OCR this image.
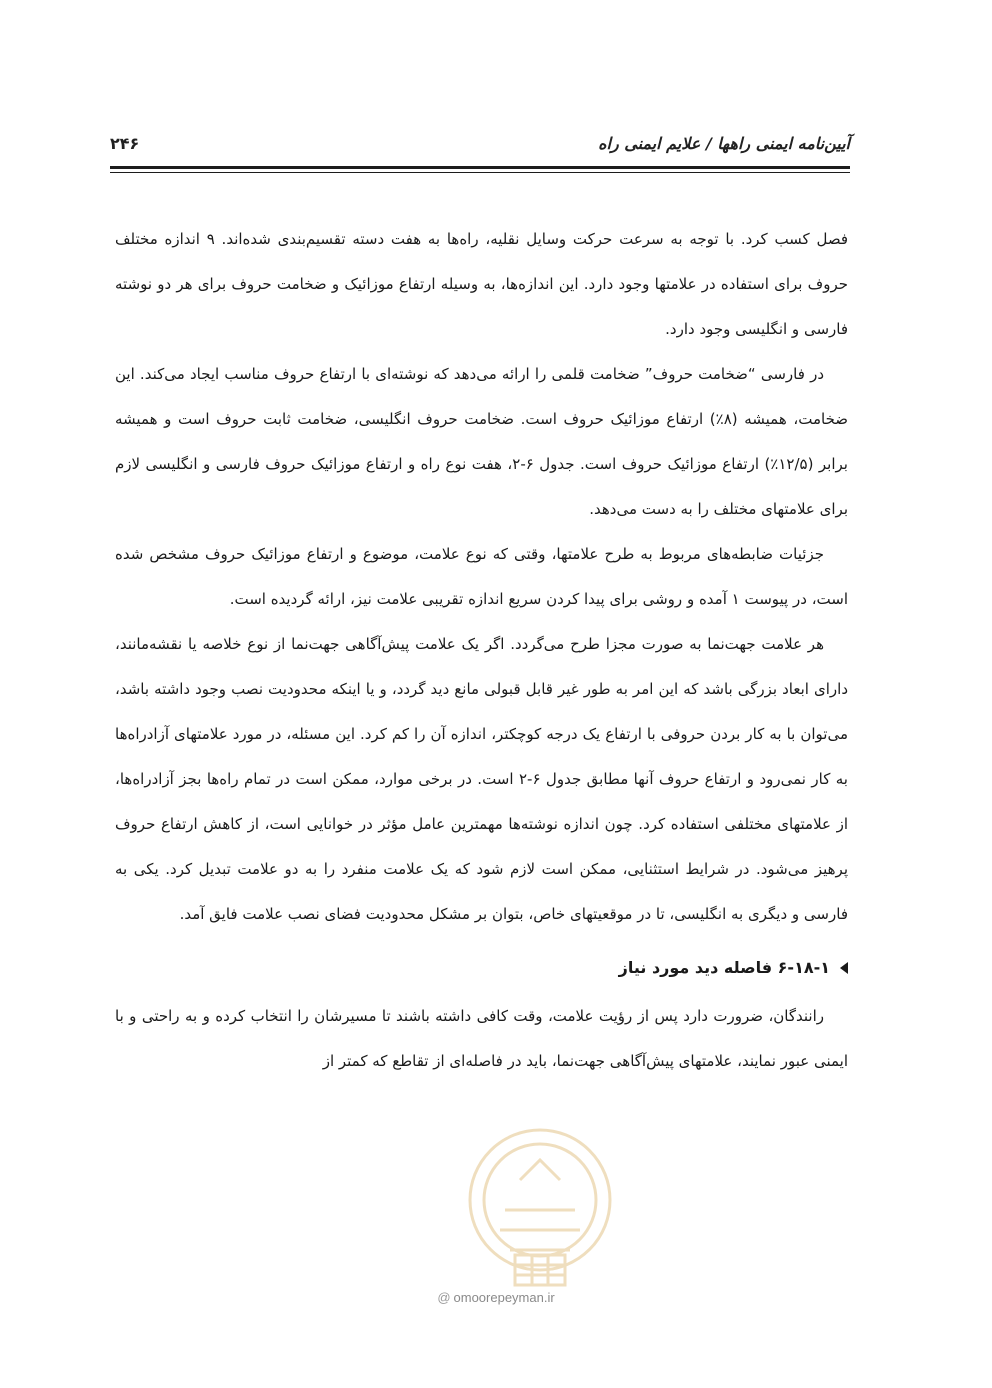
آیین‌نامه ایمنی راهها / علایم ایمنی راه
۲۴۶

فصل کسب کرد. با توجه به سرعت حرکت وسایل نقلیه، راه‌ها به هفت دسته تقسیم‌بندی شده‌اند. ۹ اندازه مختلف حروف برای استفاده در علامتها وجود دارد. این اندازه‌ها، به وسیله ارتفاع موزائیک و ضخامت حروف برای هر دو نوشته فارسی و انگلیسی وجود دارد.

در فارسی “ضخامت حروف” ضخامت قلمی را ارائه می‌دهد که نوشته‌ای با ارتفاع حروف مناسب ایجاد می‌کند. این ضخامت، همیشه (۸٪) ارتفاع موزائیک حروف است. ضخامت حروف انگلیسی، ضخامت ثابت حروف است و همیشه برابر (۱۲/۵٪) ارتفاع موزائیک حروف است. جدول ۶-۲، هفت نوع راه و ارتفاع موزائیک حروف فارسی و انگلیسی لازم برای علامتهای مختلف را به دست می‌دهد.

جزئیات ضابطه‌های مربوط به طرح علامتها، وقتی که نوع علامت، موضوع و ارتفاع موزائیک حروف مشخص شده است، در پیوست ۱ آمده و روشی برای پیدا کردن سریع اندازه تقریبی علامت نیز، ارائه گردیده است.

هر علامت جهت‌نما به صورت مجزا طرح می‌گردد. اگر یک علامت پیش‌آگاهی جهت‌نما از نوع خلاصه یا نقشه‌مانند، دارای ابعاد بزرگی باشد که این امر به طور غیر قابل قبولی مانع دید گردد، و یا اینکه محدودیت نصب وجود داشته باشد، می‌توان با به کار بردن حروفی با ارتفاع یک درجه کوچکتر، اندازه آن را کم کرد. این مسئله، در مورد علامتهای آزادراه‌ها به کار نمی‌رود و ارتفاع حروف آنها مطابق جدول ۶-۲ است. در برخی موارد، ممکن است در تمام راه‌ها بجز آزادراه‌ها، از علامتهای مختلفی استفاده کرد. چون اندازه نوشته‌ها مهمترین عامل مؤثر در خوانایی است، از کاهش ارتفاع حروف پرهیز می‌شود. در شرایط استثنایی، ممکن است لازم شود که یک علامت منفرد را به دو علامت تبدیل کرد. یکی به فارسی و دیگری به انگلیسی، تا در موقعیتهای خاص، بتوان بر مشکل محدودیت فضای نصب علامت فایق آمد.

۶-۱۸-۱ فاصله دید مورد نیاز

رانندگان، ضرورت دارد پس از رؤیت علامت، وقت کافی داشته باشند تا مسیرشان را انتخاب کرده و به راحتی و با ایمنی عبور نمایند، علامتهای پیش‌آگاهی جهت‌نما، باید در فاصله‌ای از تقاطع که کمتر از

@ omoorepeyman.ir
